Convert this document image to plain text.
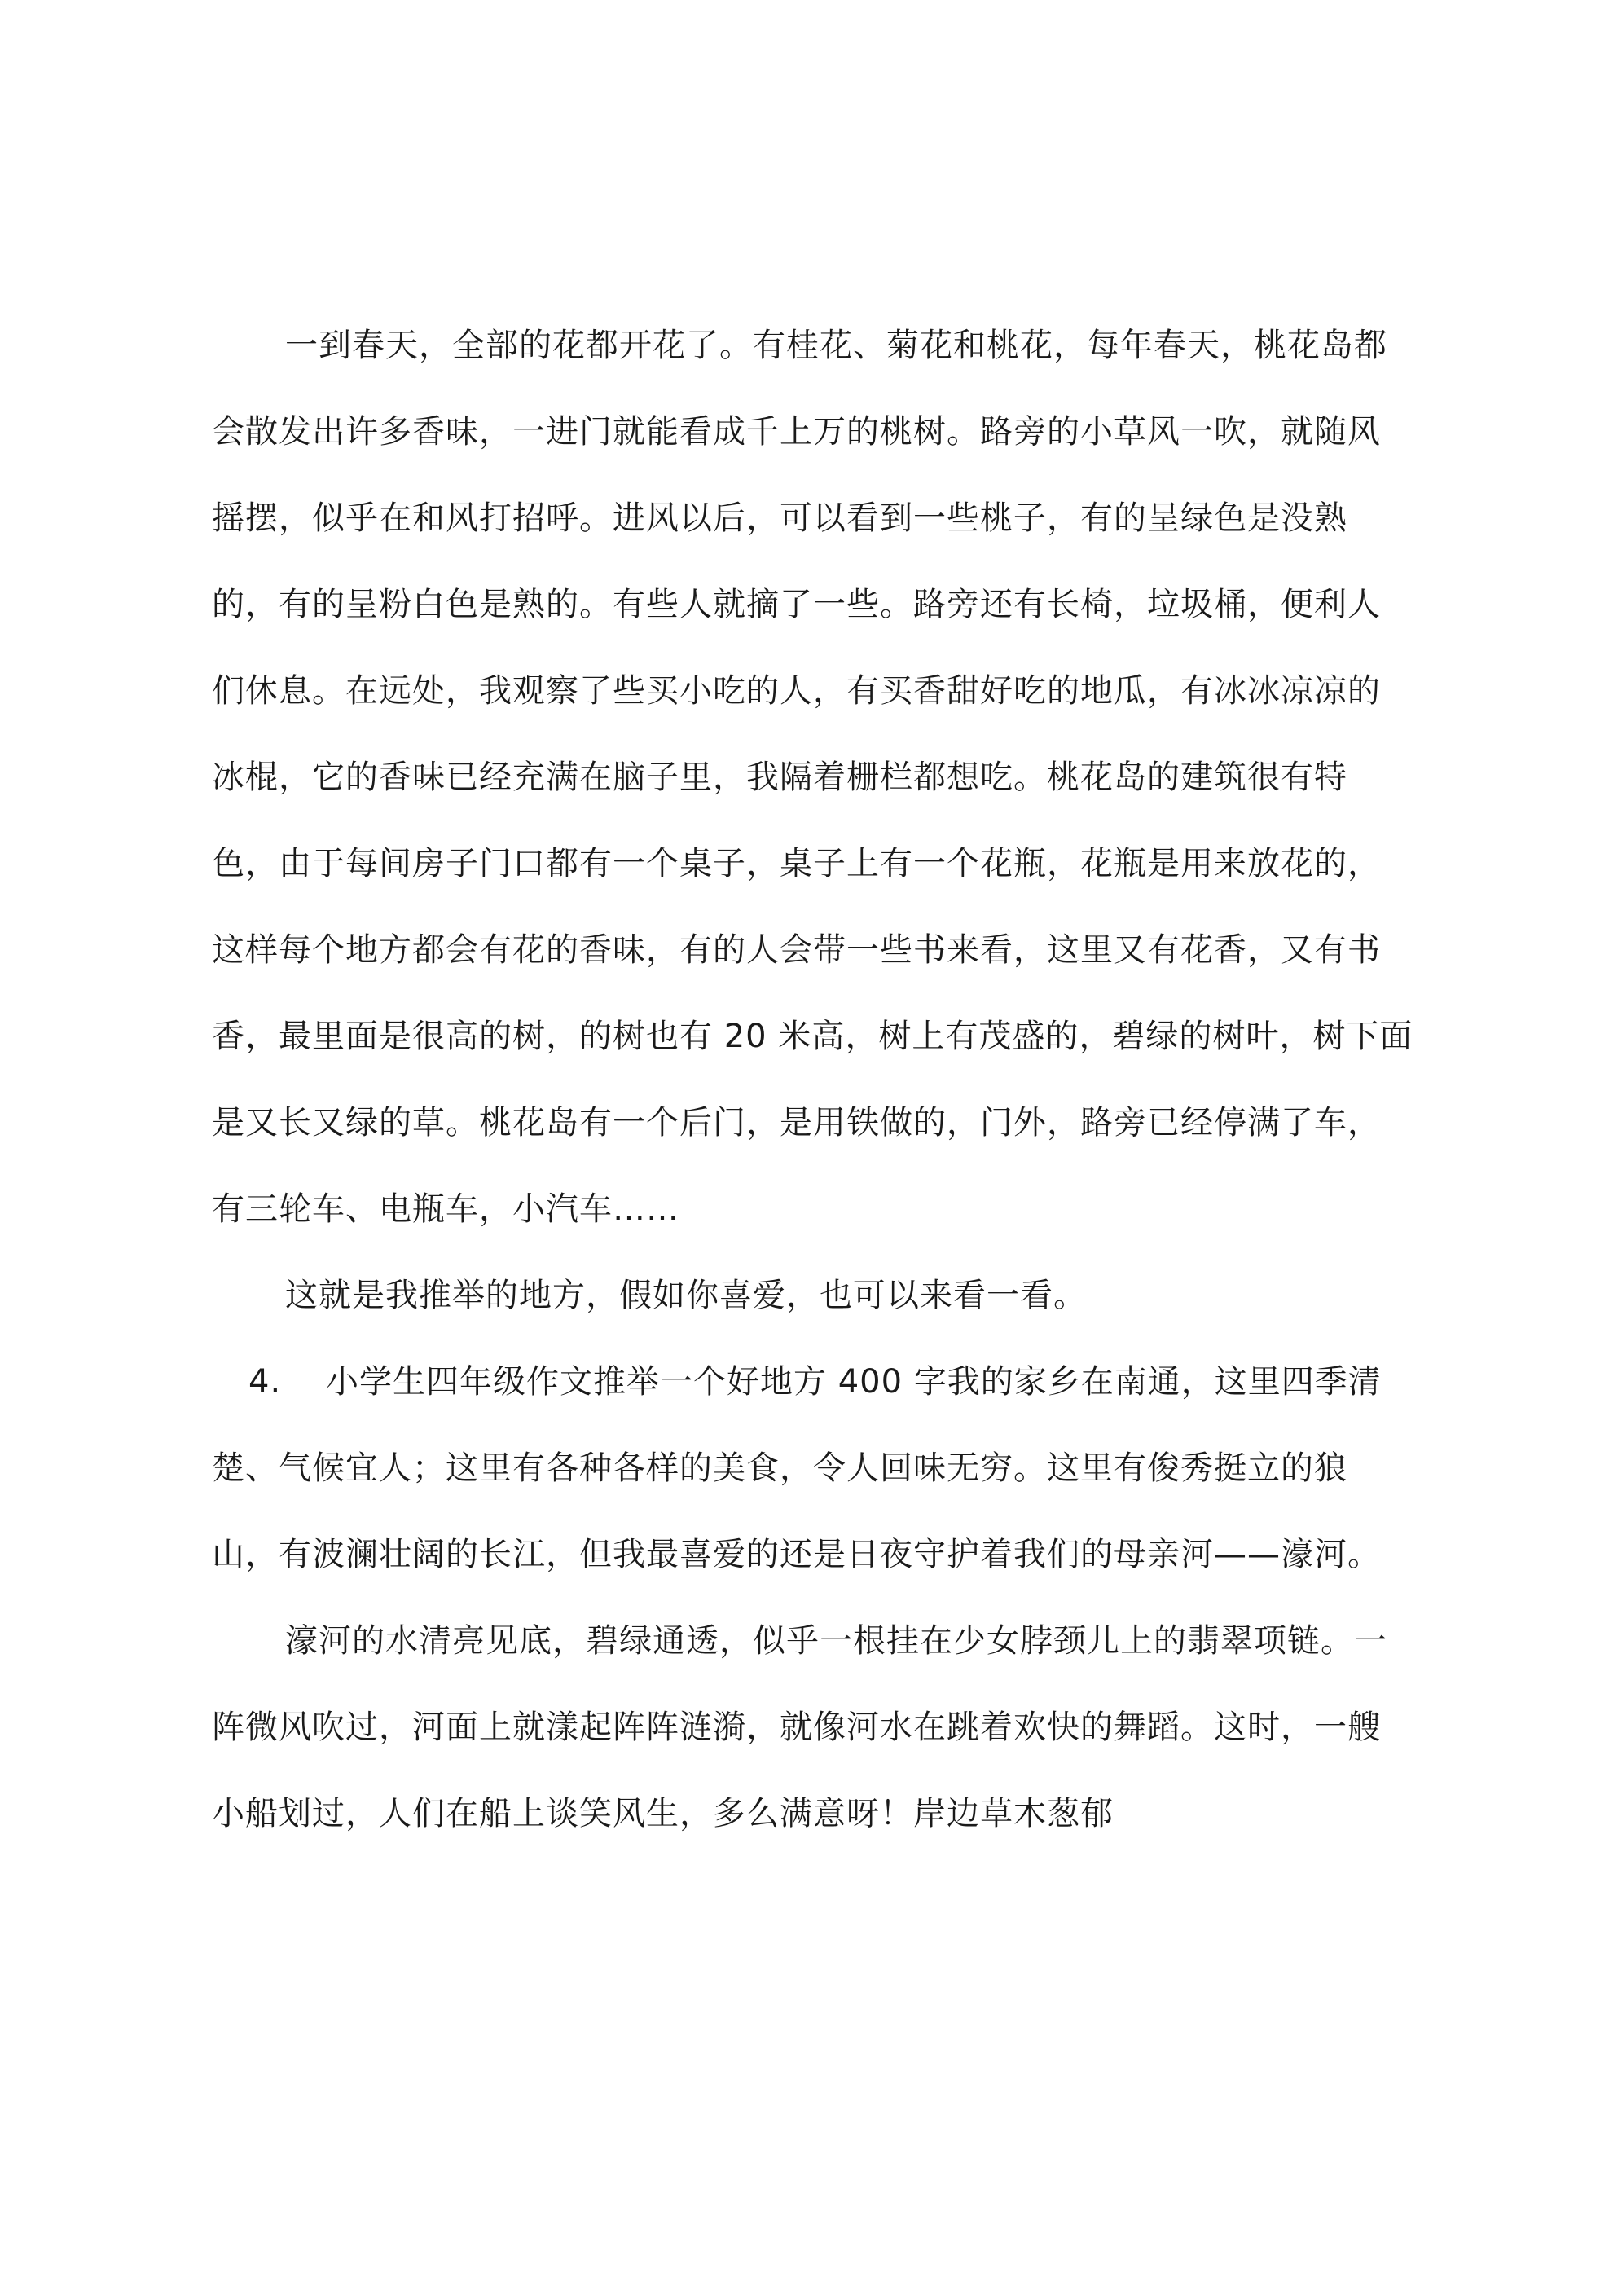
一到春天，全部的花都开花了。有桂花、菊花和桃花，每年春天，桃花岛都
会散发出许多香味，一进门就能看成千上万的桃树。路旁的小草风一吹，就随风
摇摆，似乎在和风打招呼。进风以后，可以看到一些桃子，有的呈绿色是没熟
的，有的呈粉白色是熟的。有些人就摘了一些。路旁还有长椅，垃圾桶，便利人
们休息。在远处，我观察了些买小吃的人，有买香甜好吃的地瓜，有冰冰凉凉的
冰棍，它的香味已经充满在脑子里，我隔着栅栏都想吃。桃花岛的建筑很有特
色，由于每间房子门口都有一个桌子，桌子上有一个花瓶，花瓶是用来放花的，
这样每个地方都会有花的香味，有的人会带一些书来看，这里又有花香，又有书
香，最里面是很高的树，的树也有 20 米高，树上有茂盛的，碧绿的树叶，树下面
是又长又绿的草。桃花岛有一个后门，是用铁做的，门外，路旁已经停满了车，
有三轮车、电瓶车，小汽车……
这就是我推举的地方，假如你喜爱，也可以来看一看。
4. 小学生四年级作文推举一个好地方 400 字我的家乡在南通，这里四季清
楚、气候宜人；这里有各种各样的美食，令人回味无穷。这里有俊秀挺立的狼
山，有波澜壮阔的长江，但我最喜爱的还是日夜守护着我们的母亲河——濠河。
濠河的水清亮见底，碧绿通透，似乎一根挂在少女脖颈儿上的翡翠项链。一
阵微风吹过，河面上就漾起阵阵涟漪，就像河水在跳着欢快的舞蹈。这时，一艘
小船划过，人们在船上谈笑风生，多么满意呀！岸边草木葱郁
